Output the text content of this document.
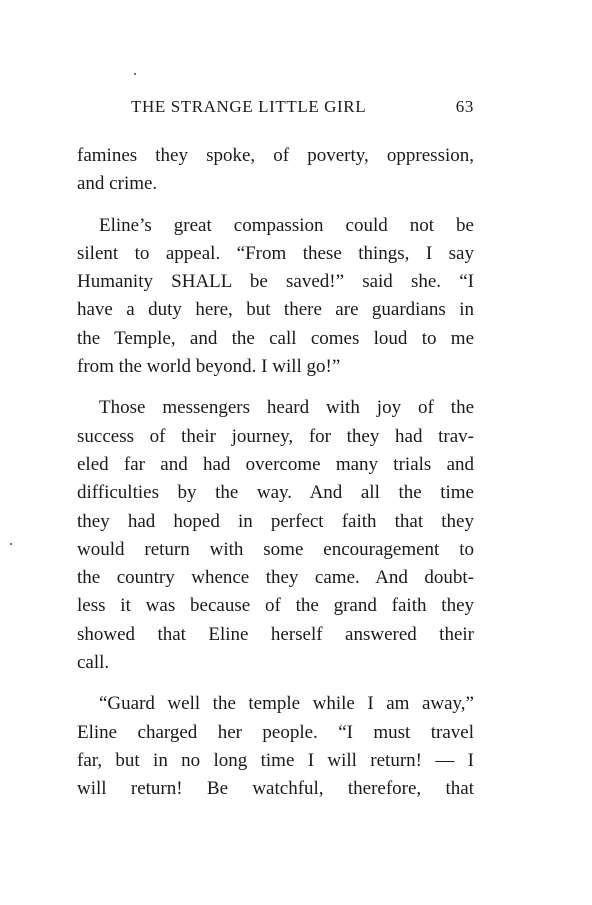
THE STRANGE LITTLE GIRL	63
famines they spoke, of poverty, oppression,
and crime.
Eline’s great compassion could not be
silent to appeal. “From these things, I say
Humanity SHALL be saved!” said she. “I
have a duty here, but there are guardians in
the Temple, and the call comes loud to me
from the world beyond. I will go!”
Those messengers heard with joy of the
success of their journey, for they had trav-
eled far and had overcome many trials and
difficulties by the way. And all the time
they had hoped in perfect faith that they
would return with some encouragement to
the country whence they came. And doubt-
less it was because of the grand faith they
showed that Eline herself answered their
call.
“Guard well the temple while I am away,”
Eline charged her people. “I must travel
far, but in no long time I will return! — I
will return! Be watchful, therefore, that
